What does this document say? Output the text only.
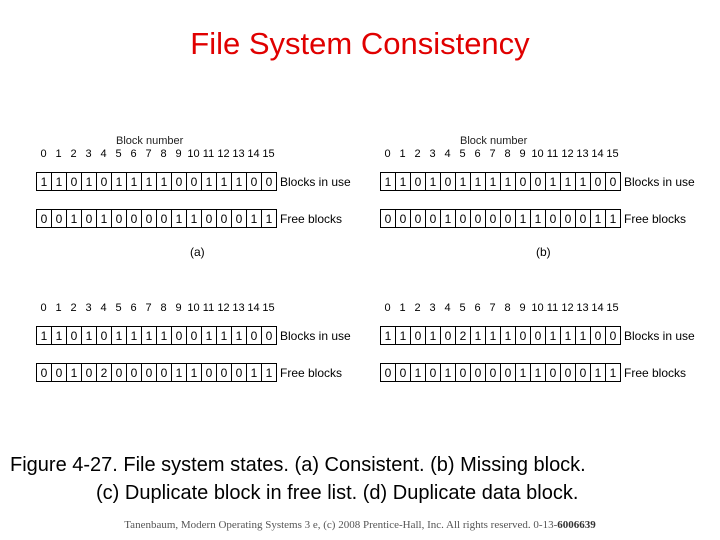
File System Consistency
Block number
0 1 2 3 4 5 6 7 8 9 10 11 12 13 14 15
1 1 0 1 0 1 1 1 1 0 0 1 1 1 0 0 Blocks in use
0 0 1 0 1 0 0 0 0 1 1 0 0 0 1 1 Free blocks
(a)
Block number
0 1 2 3 4 5 6 7 8 9 10 11 12 13 14 15
1 1 0 1 0 1 1 1 1 0 0 1 1 1 0 0 Blocks in use
0 0 0 0 1 0 0 0 0 1 1 0 0 0 1 1 Free blocks
(b)
0 1 2 3 4 5 6 7 8 9 10 11 12 13 14 15
1 1 0 1 0 1 1 1 1 0 0 1 1 1 0 0 Blocks in use
0 0 1 0 2 0 0 0 0 1 1 0 0 0 1 1 Free blocks
0 1 2 3 4 5 6 7 8 9 10 11 12 13 14 15
1 1 0 1 0 2 1 1 1 0 0 1 1 1 0 0 Blocks in use
0 0 1 0 1 0 0 0 0 1 1 0 0 0 1 1 Free blocks
Figure 4-27. File system states. (a) Consistent. (b) Missing block.
(c) Duplicate block in free list. (d) Duplicate data block.
Tanenbaum, Modern Operating Systems 3 e, (c) 2008 Prentice-Hall, Inc. All rights reserved. 0-13-6006639
